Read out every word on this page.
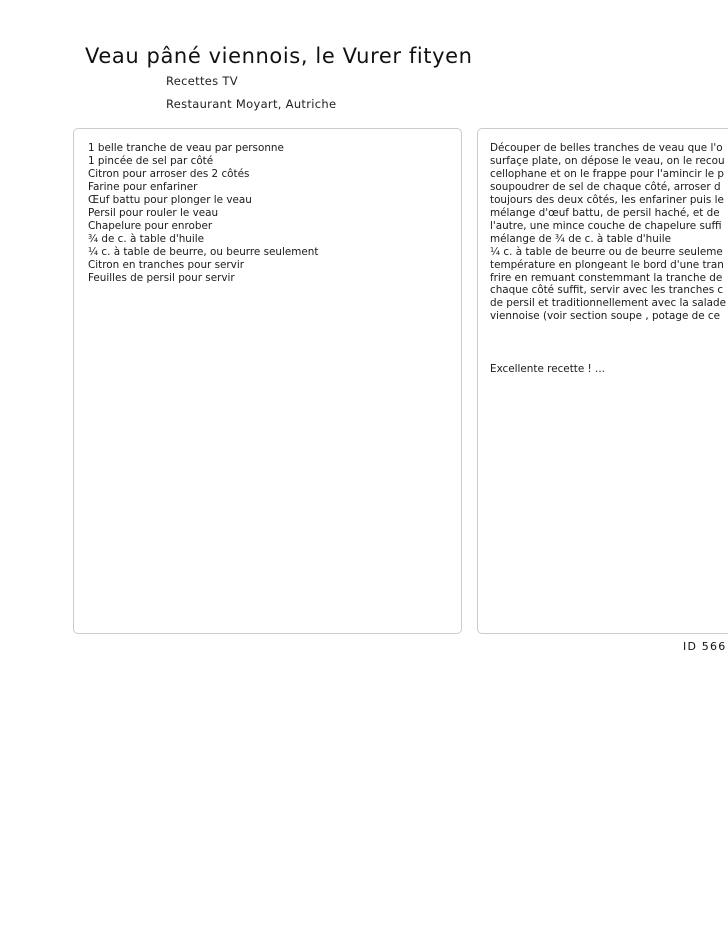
Veau pâné viennois, le Vurer fityen
Recettes TV
Restaurant Moyart, Autriche
1 belle tranche de veau par personne
1 pincée de sel par côté
Citron pour arroser des 2 côtés
Farine pour enfariner
Œuf battu pour plonger le veau
Persil pour rouler le veau
Chapelure pour enrober
¾ de c. à table d'huile
¼ c. à table de beurre, ou beurre seulement
Citron en tranches pour servir
Feuilles de persil pour servir
Découper de belles tranches de veau que l'o
surfaçe plate, on dépose le veau, on le recou
cellophane et on le frappe pour l'amincir le p
soupoudrer de sel de chaque côté, arroser d
toujours des deux côtés, les enfariner puis le
mélange d'œuf battu, de persil haché, et de
l'autre, une mince couche de chapelure suffi
mélange de ¾ de c. à table d'huile
¼ c. à table de beurre ou de beurre seuleme
température en plongeant le bord d'une tran
frire en remuant constemmant la tranche de
chaque côté suffit, servir avec les tranches c
de persil et traditionnellement avec la salade
viennoise (voir section soupe , potage de ce
Excellente recette ! ...
ID 566
